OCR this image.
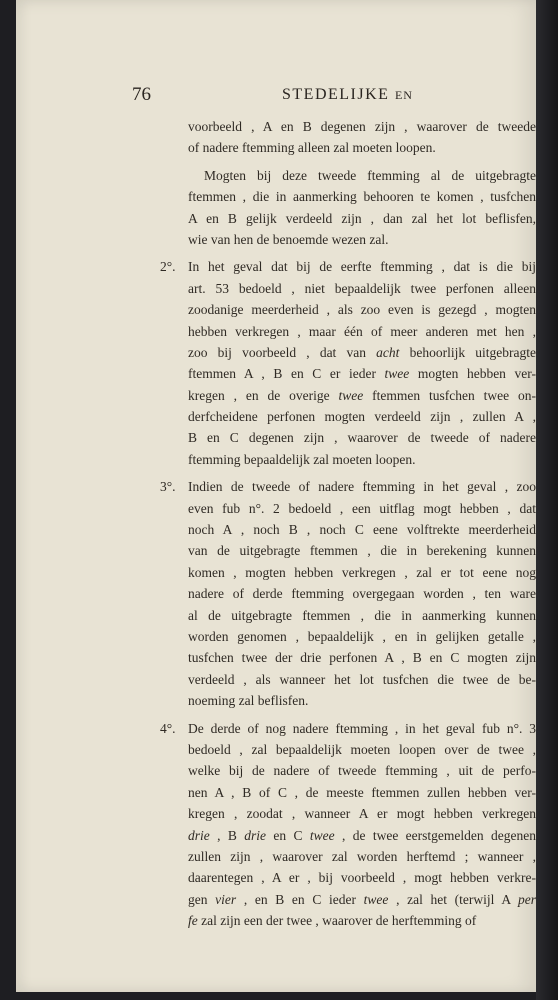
76	STEDELIJKE EN
voorbeeld , A en B degenen zijn , waarover de tweede
of nadere ftemming alleen zal moeten loopen.
Mogten bij deze tweede ftemming al de uitgebragte
ftemmen , die in aanmerking behooren te komen , tusfchen
A en B gelijk verdeeld zijn , dan zal het lot beflisfen,
wie van hen de benoemde wezen zal.
2°. In het geval dat bij de eerfte ftemming , dat is die bij
art. 53 bedoeld , niet bepaaldelijk twee perfonen alleen
zoodanige meerderheid , als zoo even is gezegd , mogten
hebben verkregen , maar één of meer anderen met hen ,
zoo bij voorbeeld , dat van acht behoorlijk uitgebragte
ftemmen A , B en C er ieder twee mogten hebben ver-
kregen , en de overige twee ftemmen tusfchen twee on-
derfcheidene perfonen mogten verdeeld zijn , zullen A ,
B en C degenen zijn , waarover de tweede of nadere
ftemming bepaaldelijk zal moeten loopen.
3°. Indien de tweede of nadere ftemming in het geval , zoo
even fub n°. 2 bedoeld , een uitflag mogt hebben , dat
noch A , noch B , noch C eene volftrekte meerderheid
van de uitgebragte ftemmen , die in berekening kunnen
komen , mogten hebben verkregen , zal er tot eene nog
nadere of derde ftemming overgegaan worden , ten ware
al de uitgebragte ftemmen , die in aanmerking kunnen
worden genomen , bepaaldelijk , en in gelijken getalle ,
tusfchen twee der drie perfonen A , B en C mogten zijn
verdeeld , als wanneer het lot tusfchen die twee de be-
noeming zal beflisfen.
4°. De derde of nog nadere ftemming , in het geval fub n°. 3
bedoeld , zal bepaaldelijk moeten loopen over de twee ,
welke bij de nadere of tweede ftemming , uit de perfo-
nen A , B of C , de meeste ftemmen zullen hebben ver-
kregen , zoodat , wanneer A er mogt hebben verkregen
drie , B drie en C twee , de twee eerstgemelden degenen
zullen zijn , waarover zal worden herftemd ; wanneer ,
daarentegen , A er , bij voorbeeld , mogt hebben verkre-
gen vier , en B en C ieder twee , zal het (terwijl A per
fe zal zijn een der twee , waarover de herftemming of
